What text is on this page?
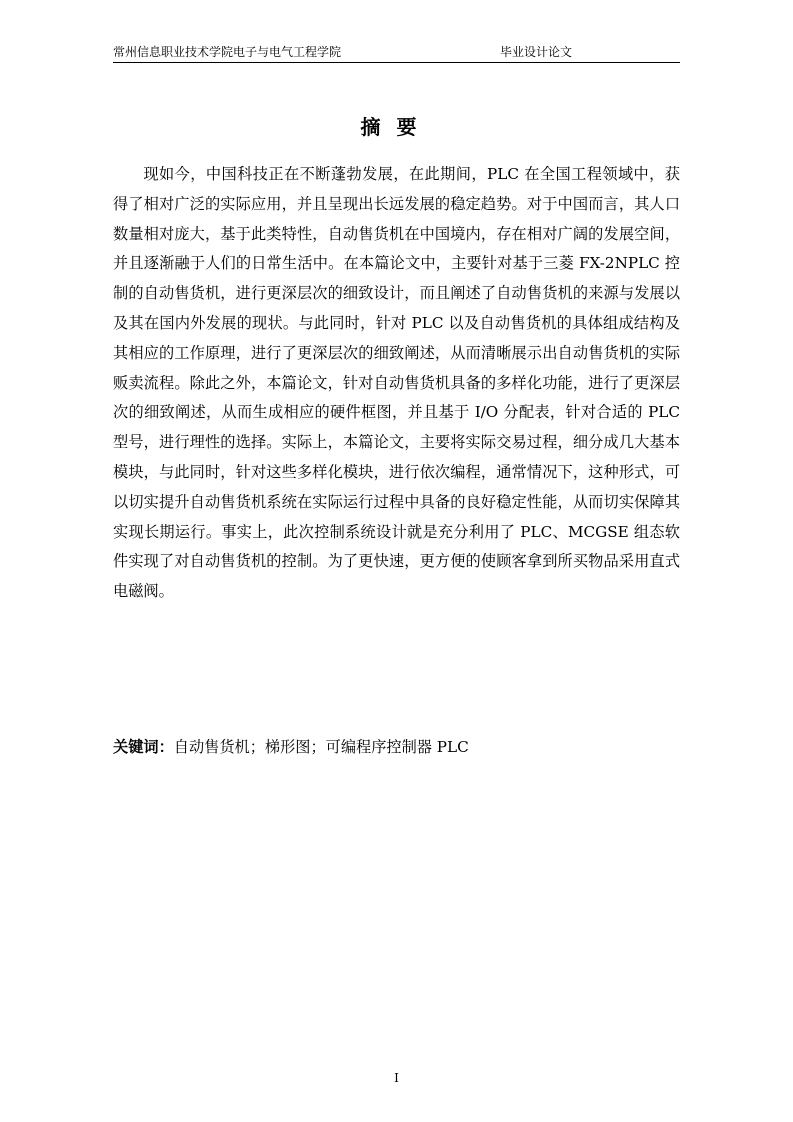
常州信息职业技术学院电子与电气工程学院	毕业设计论文
摘要

现如今，中国科技正在不断蓬勃发展，在此期间，PLC 在全国工程领域中，获得了相对广泛的实际应用，并且呈现出长远发展的稳定趋势。对于中国而言，其人口数量相对庞大，基于此类特性，自动售货机在中国境内，存在相对广阔的发展空间，并且逐渐融于人们的日常生活中。在本篇论文中，主要针对基于三菱 FX-2NPLC 控制的自动售货机，进行更深层次的细致设计，而且阐述了自动售货机的来源与发展以及其在国内外发展的现状。与此同时，针对 PLC 以及自动售货机的具体组成结构及其相应的工作原理，进行了更深层次的细致阐述，从而清晰展示出自动售货机的实际贩卖流程。除此之外，本篇论文，针对自动售货机具备的多样化功能，进行了更深层次的细致阐述，从而生成相应的硬件框图，并且基于 I/O 分配表，针对合适的 PLC 型号，进行理性的选择。实际上，本篇论文，主要将实际交易过程，细分成几大基本模块，与此同时，针对这些多样化模块，进行依次编程，通常情况下，这种形式，可以切实提升自动售货机系统在实际运行过程中具备的良好稳定性能，从而切实保障其实现长期运行。事实上，此次控制系统设计就是充分利用了 PLC、MCGSE 组态软件实现了对自动售货机的控制。为了更快速，更方便的使顾客拿到所买物品采用直式电磁阀。

关键词：自动售货机；梯形图；可编程序控制器 PLC
I
